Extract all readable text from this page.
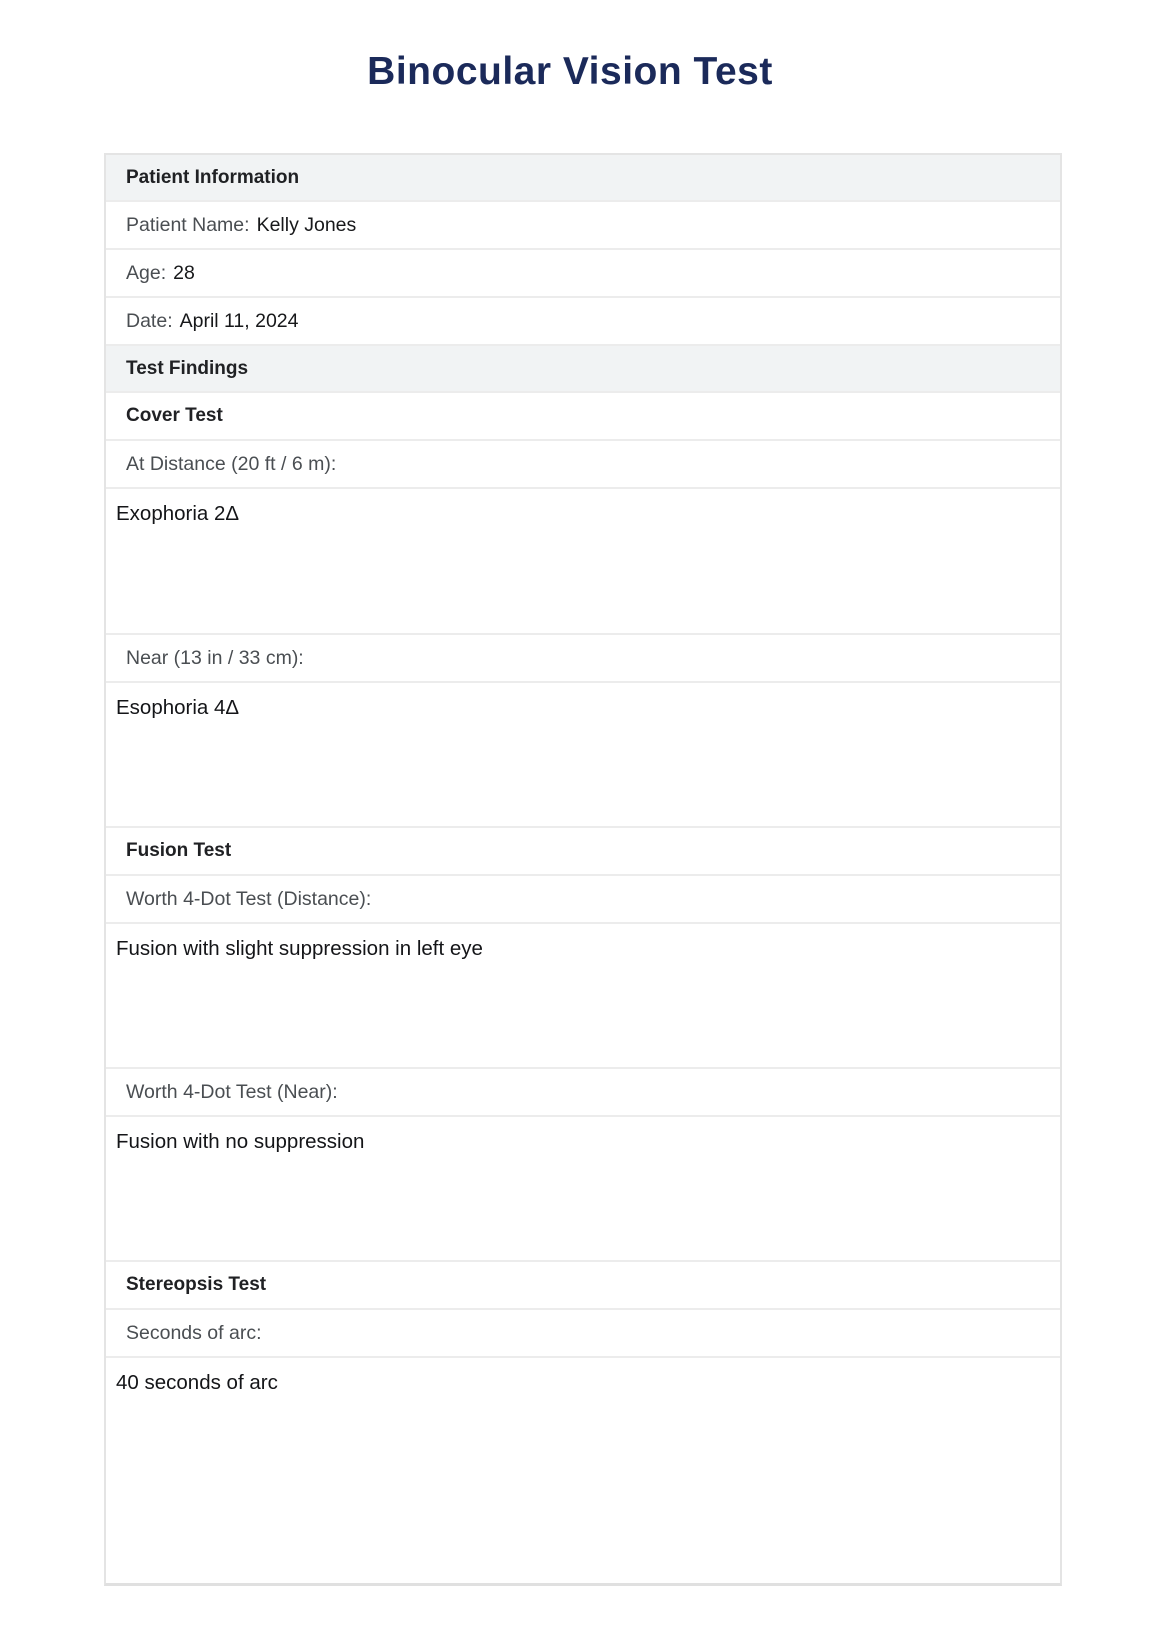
Binocular Vision Test
Patient Information
Patient Name: Kelly Jones
Age: 28
Date: April 11, 2024
Test Findings
Cover Test
At Distance (20 ft / 6 m):
Exophoria 2Δ
Near (13 in / 33 cm):
Esophoria 4Δ
Fusion Test
Worth 4-Dot Test (Distance):
Fusion with slight suppression in left eye
Worth 4-Dot Test (Near):
Fusion with no suppression
Stereopsis Test
Seconds of arc:
40 seconds of arc
